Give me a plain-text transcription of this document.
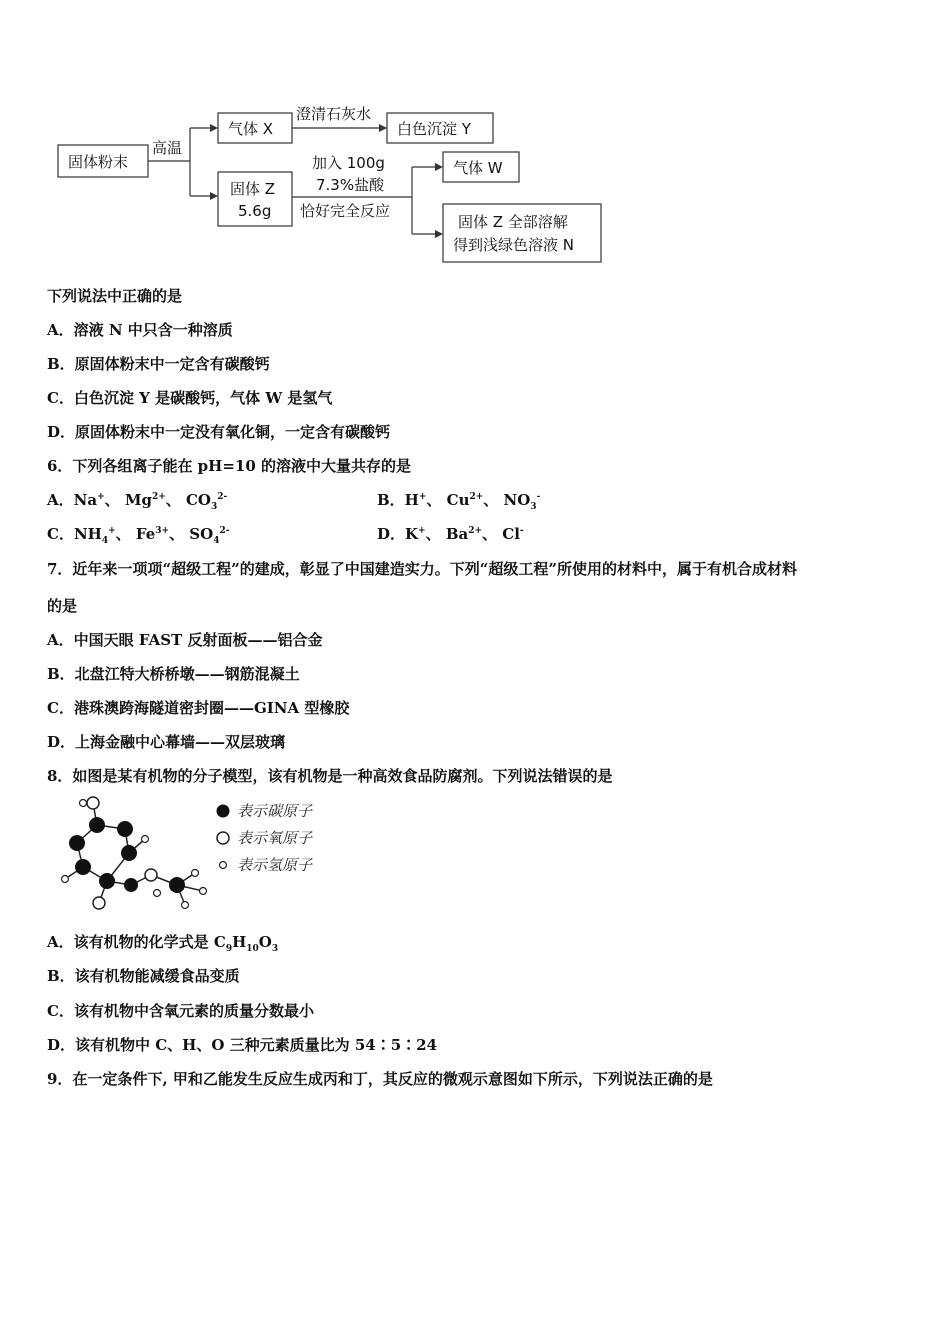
固体粉末
高温
气体 X
澄清石灰水
白色沉淀 Y
固体 Z
5.6g
加入 100g
7.3%盐酸
恰好完全反应
气体 W
固体 Z 全部溶解
得到浅绿色溶液 N
下列说法中正确的是
A．溶液 N 中只含一种溶质
B．原固体粉末中一定含有碳酸钙
C．白色沉淀 Y 是碳酸钙，气体 W 是氢气
D．原固体粉末中一定没有氧化铜，一定含有碳酸钙
6．下列各组离子能在 pH=10 的溶液中大量共存的是
A．Na+、 $Mg^{2+}$、 $CO_3^{2-}$	B．H+、 $Cu^{2+}$、 $NO_3^-$
C．$NH_4^+$、 $Fe^{3+}$、 $SO_4^{2-}$	D．K+、 $Ba^{2+}$、 Cl-
7．近年来一项项“超级工程”的建成，彰显了中国建造实力。下列“超级工程”所使用的材料中，属于有机合成材料
的是
A．中国天眼 FAST 反射面板——铝合金
B．北盘江特大桥桥墩——钢筋混凝土
C．港珠澳跨海隧道密封圈——GINA 型橡胶
D．上海金融中心幕墙——双层玻璃
8．如图是某有机物的分子模型，该有机物是一种高效食品防腐剂。下列说法错误的是
表示碳原子
表示氧原子
表示氢原子
A．该有机物的化学式是 $C_9H_{10}O_3$
B．该有机物能减缓食品变质
C．该有机物中含氧元素的质量分数最小
D．该有机物中 C、H、O 三种元素质量比为 54∶5∶24
9．在一定条件下, 甲和乙能发生反应生成丙和丁，其反应的微观示意图如下所示，下列说法正确的是
